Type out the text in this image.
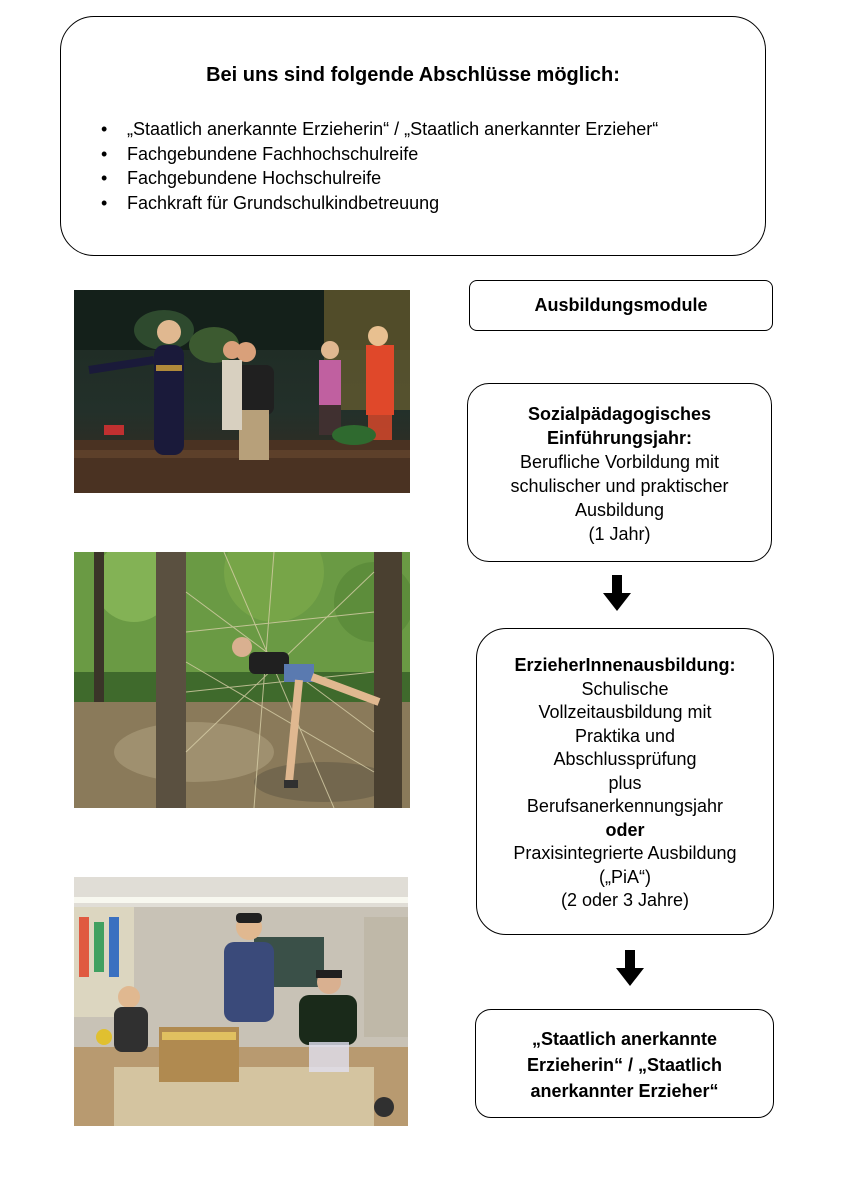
Bei uns sind folgende Abschlüsse möglich:
• „Staatlich anerkannte Erzieherin“ / „Staatlich anerkannter Erzieher“
• Fachgebundene Fachhochschulreife
• Fachgebundene Hochschulreife
• Fachkraft für Grundschulkindbetreuung
Ausbildungsmodule
Sozialpädagogisches
Einführungsjahr:
Berufliche Vorbildung mit
schulischer und praktischer
Ausbildung
(1 Jahr)
ErzieherInnenausbildung:
Schulische
Vollzeitausbildung mit
Praktika und
Abschlussprüfung
plus
Berufsanerkennungsjahr
oder
Praxisintegrierte Ausbildung
(„PiA“)
(2 oder 3 Jahre)
„Staatlich anerkannte
Erzieherin“ / „Staatlich
anerkannter Erzieher“
